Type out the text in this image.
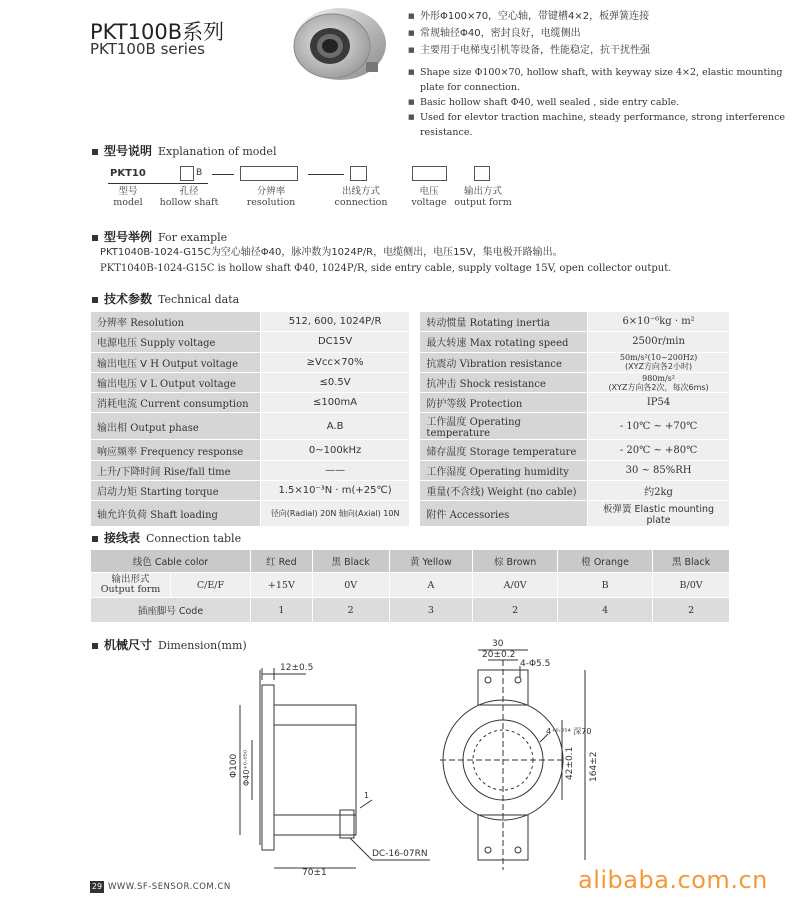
PKT100B系列
PKT100B series
■ 外形Φ100×70，空心轴，带键槽4×2，板弹簧连接
■ 常规轴径Φ40，密封良好，电缆侧出
■ 主要用于电梯曳引机等设备，性能稳定，抗干扰性强
■ Shape size Φ100×70, hollow shaft, with keyway size 4×2, elastic mounting plate for connection.
■ Basic hollow shaft Φ40, well sealed , side entry cable.
■ Used for elevtor traction machine, steady performance, strong interference resistance.
型号说明 Explanation of model
PKT10	B
型号
model
孔径
hollow shaft
分辨率
resolution
出线方式
connection
电压
voltage
输出方式
output form
型号举例 For example
PKT1040B-1024-G15C为空心轴径Φ40，脉冲数为1024P/R，电缆侧出，电压15V，集电极开路输出。
PKT1040B-1024-G15C is hollow shaft Φ40, 1024P/R, side entry cable, supply voltage 15V, open collector output.
技术参数 Technical data
分辨率 Resolution	512, 600, 1024P/R		转动惯量 Rotating inertia	6×10⁻⁶kg · m²
电源电压 Supply voltage	DC15V		最大转速 Max rotating speed	2500r/min
输出电压 V H Output voltage	≥Vcc×70%		抗震动 Vibration resistance	50m/s²(10~200Hz)
(XYZ方向各2小时)

输出电压 V L Output voltage	≤0.5V		抗冲击 Shock resistance	980m/s²
(XYZ方向各2次，每次6ms)

消耗电流 Current consumption	≤100mA		防护等级 Protection	IP54
输出相 Output phase	A.B		工作温度 Operating temperature	- 10℃ ~ +70℃
响应频率 Frequency response	0~100kHz		储存温度 Storage temperature	- 20℃ ~ +80℃
上升/下降时间 Rise/fall time	——		工作湿度 Operating humidity	30 ~ 85%RH
启动力矩 Starting torque	1.5×10⁻³N · m(+25℃)		重量(不含线) Weight (no cable)	约2kg
轴允许负荷 Shaft loading	径向(Radial) 20N 轴向(Axial) 10N		附件 Accessories	板弹簧 Elastic mounting plate
接线表 Connection table
线色 Cable color		红 Red	黑 Black	黄 Yellow	棕 Brown	橙 Orange	黑 Black

输出形式
Output form	C/E/F	+15V	0V	A	A/0V	B	B/0V
插座脚号 Code		1	2	3	2	4	2
机械尺寸 Dimension(mm)
12±0.5
Φ100 Φ40⁺⁰·⁰⁵⁰
1
70±1
DC-16-07RN
30
20±0.2
4-Φ5.5
4⁺⁰·⁰⁵⁴ 深70
42±0.1 164±2
29 WWW.SF-SENSOR.COM.CN	alibaba.com.cn
